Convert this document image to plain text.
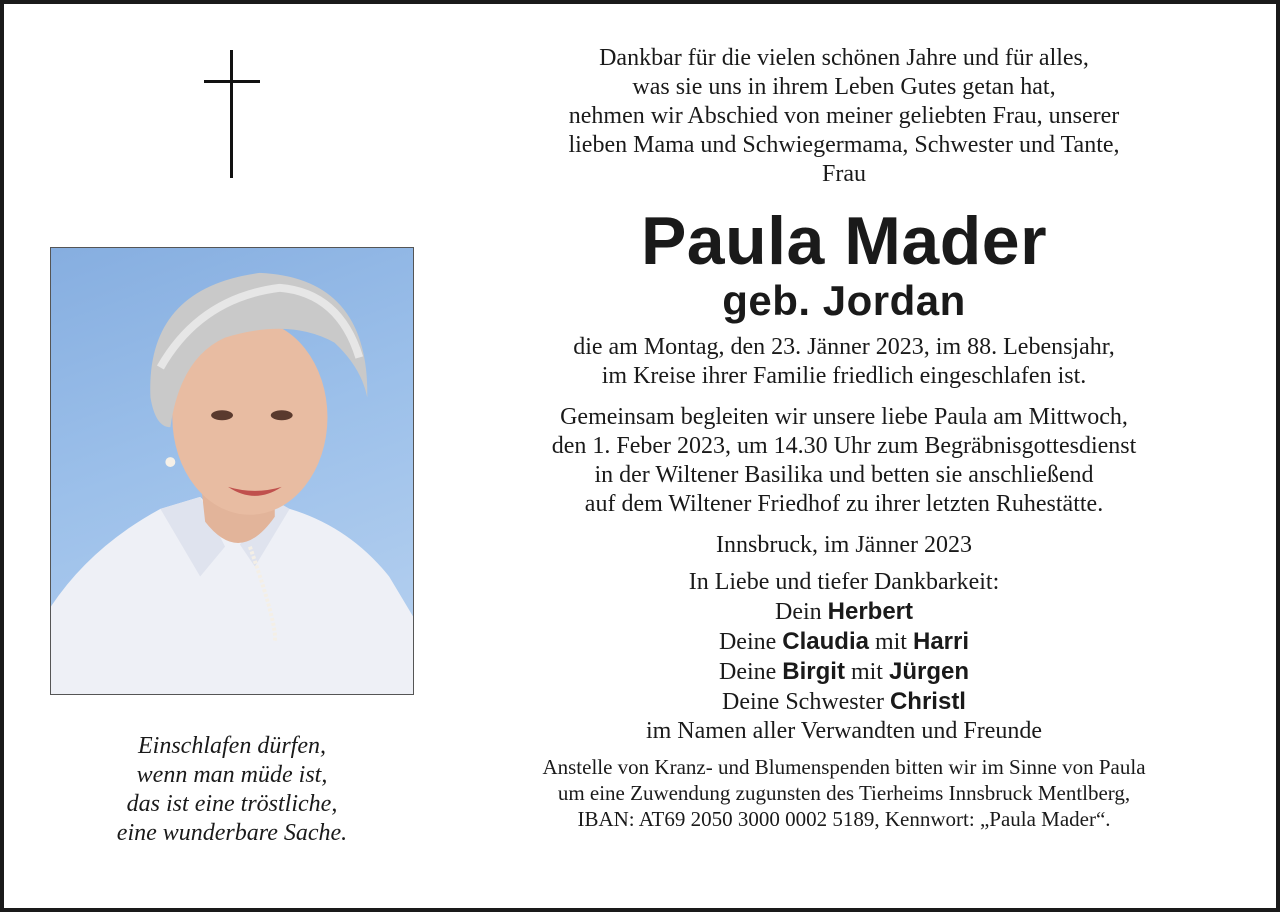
Einschlafen dürfen,
wenn man müde ist,
das ist eine tröstliche,
eine wunderbare Sache.
Dankbar für die vielen schönen Jahre und für alles,
was sie uns in ihrem Leben Gutes getan hat,
nehmen wir Abschied von meiner geliebten Frau, unserer
lieben Mama und Schwiegermama, Schwester und Tante,
Frau
Paula Mader
geb. Jordan
die am Montag, den 23. Jänner 2023, im 88. Lebensjahr,
im Kreise ihrer Familie friedlich eingeschlafen ist.
Gemeinsam begleiten wir unsere liebe Paula am Mittwoch,
den 1. Feber 2023, um 14.30 Uhr zum Begräbnisgottesdienst
in der Wiltener Basilika und betten sie anschließend
auf dem Wiltener Friedhof zu ihrer letzten Ruhestätte.
Innsbruck, im Jänner 2023
In Liebe und tiefer Dankbarkeit:
Dein Herbert
Deine Claudia mit Harri
Deine Birgit mit Jürgen
Deine Schwester Christl
im Namen aller Verwandten und Freunde
Anstelle von Kranz- und Blumenspenden bitten wir im Sinne von Paula
um eine Zuwendung zugunsten des Tierheims Innsbruck Mentlberg,
IBAN: AT69 2050 3000 0002 5189, Kennwort: „Paula Mader“.
